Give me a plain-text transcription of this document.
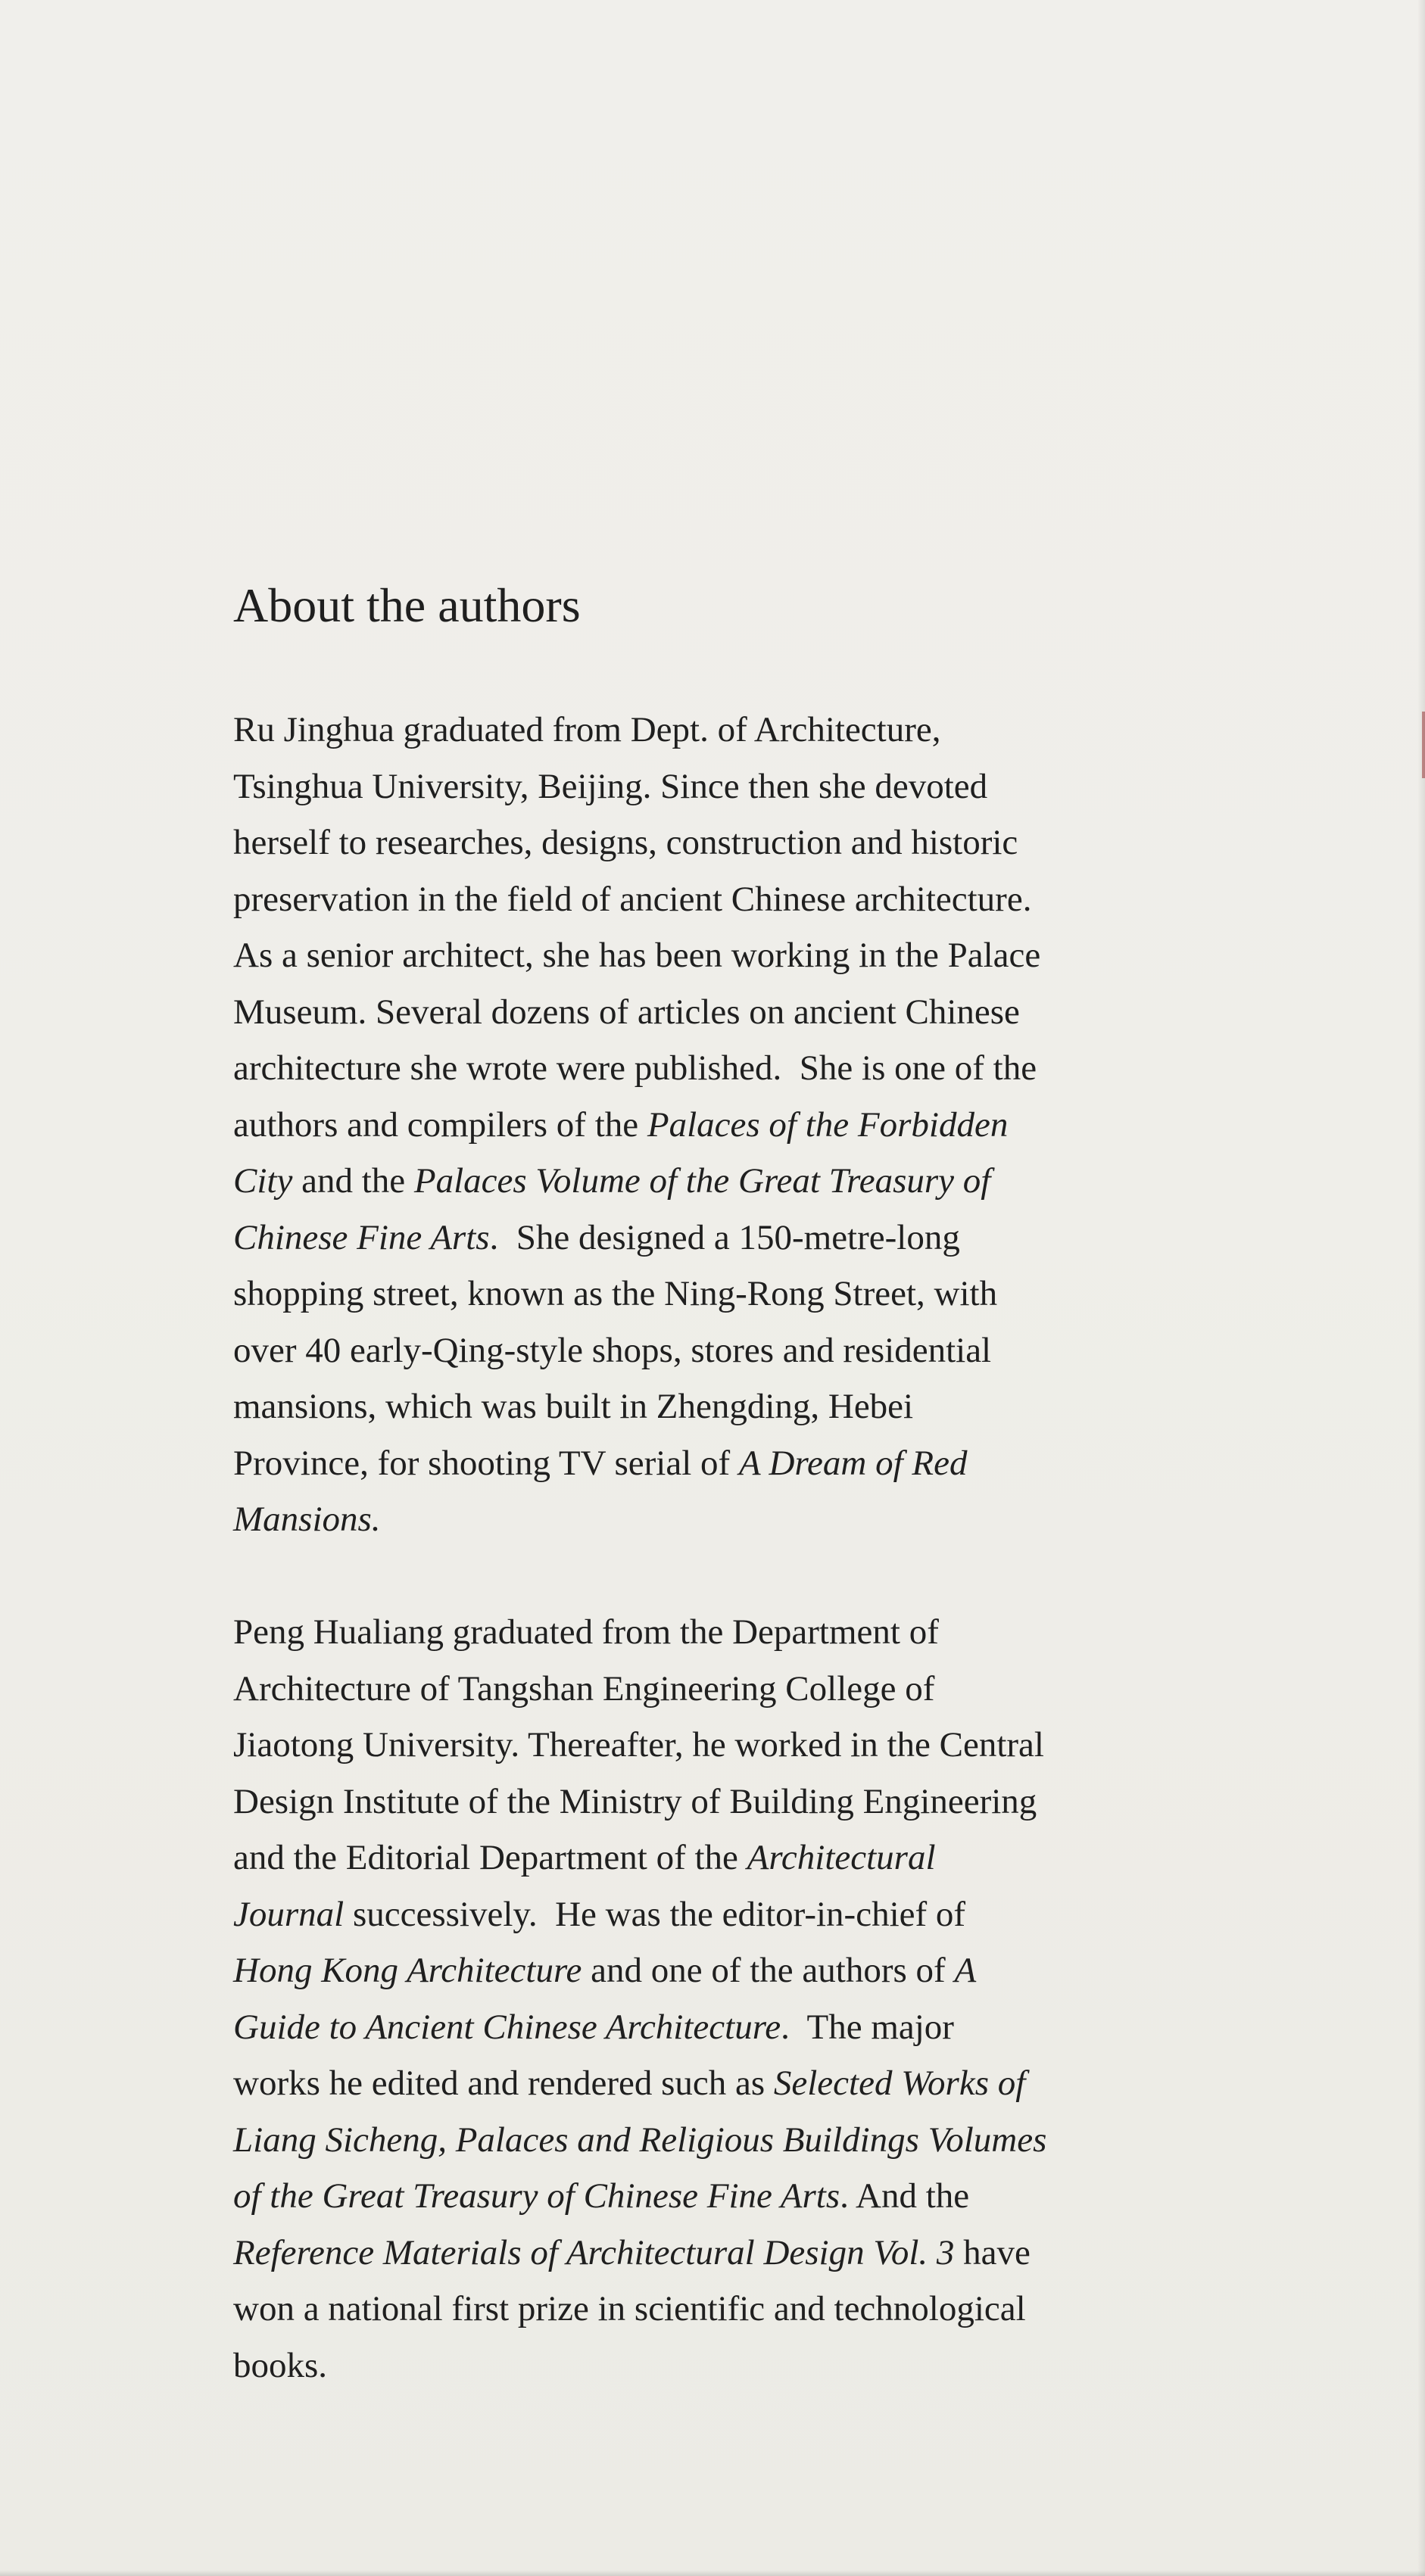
About the authors

Ru Jinghua graduated from Dept. of Architecture,
Tsinghua University, Beijing. Since then she devoted
herself to researches, designs, construction and historic
preservation in the field of ancient Chinese architecture.
As a senior architect, she has been working in the Palace
Museum. Several dozens of articles on ancient Chinese
architecture she wrote were published.  She is one of the
authors and compilers of the Palaces of the Forbidden
City and the Palaces Volume of the Great Treasury of
Chinese Fine Arts.  She designed a 150-metre-long
shopping street, known as the Ning-Rong Street, with
over 40 early-Qing-style shops, stores and residential
mansions, which was built in Zhengding, Hebei
Province, for shooting TV serial of A Dream of Red
Mansions.

Peng Hualiang graduated from the Department of
Architecture of Tangshan Engineering College of
Jiaotong University. Thereafter, he worked in the Central
Design Institute of the Ministry of Building Engineering
and the Editorial Department of the Architectural
Journal successively.  He was the editor-in-chief of
Hong Kong Architecture and one of the authors of A
Guide to Ancient Chinese Architecture.  The major
works he edited and rendered such as Selected Works of
Liang Sicheng, Palaces and Religious Buildings Volumes
of the Great Treasury of Chinese Fine Arts. And the
Reference Materials of Architectural Design Vol. 3 have
won a national first prize in scientific and technological
books.
